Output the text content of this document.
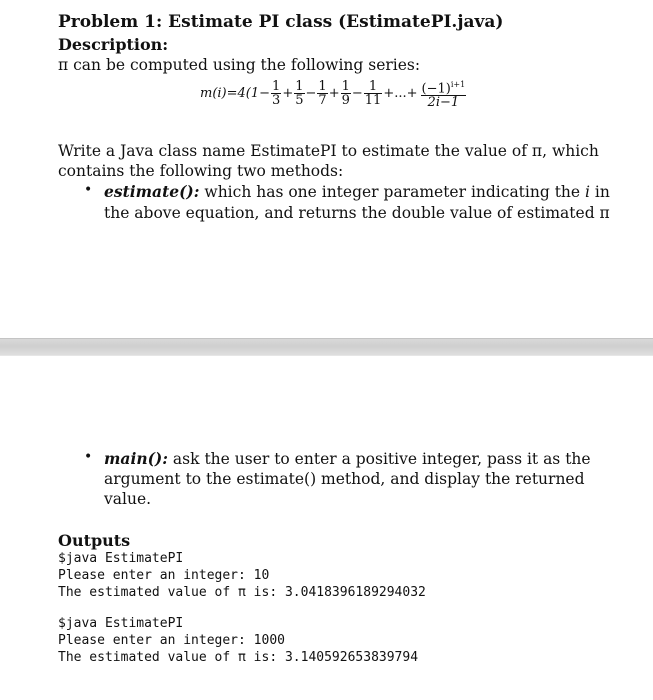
Problem 1: Estimate PI class (EstimatePI.java)
Description:
π can be computed using the following series:
$m(i)=4(1- \frac{1}{3} + \frac{1}{5} - \frac{1}{7} + \frac{1}{9} - \frac{1}{11}$ +...+ $\frac{(-1)^{i+1}}{2i-1}$
Write a Java class name EstimatePI to estimate the value of π, which
contains the following two methods:
• estimate(): which has one integer parameter indicating the i in
the above equation, and returns the double value of estimated π
• main(): ask the user to enter a positive integer, pass it as the
argument to the estimate() method, and display the returned
value.
Outputs
$java EstimatePI
Please enter an integer: 10
The estimated value of π is: 3.0418396189294032
$java EstimatePI
Please enter an integer: 1000
The estimated value of π is: 3.140592653839794
